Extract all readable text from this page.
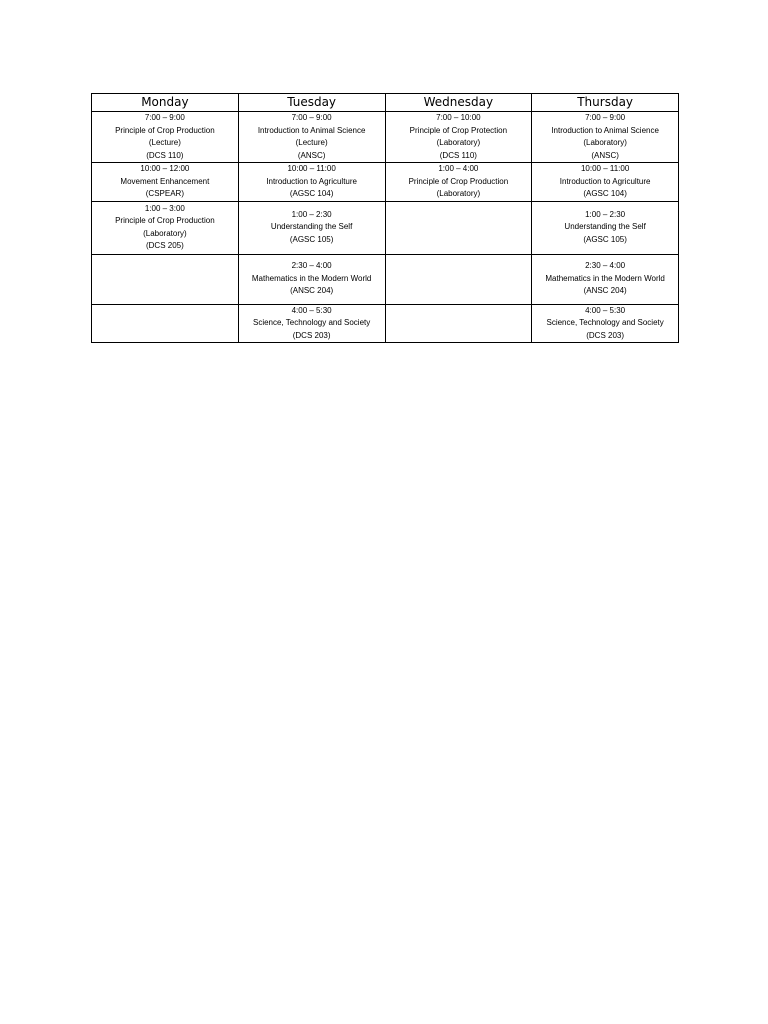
Monday	Tuesday	Wednesday	Thursday

7:00 – 9:00
Principle of Crop Production
(Lecture)
(DCS 110)	7:00 – 9:00
Introduction to Animal Science
(Lecture)
(ANSC)	7:00 – 10:00
Principle of Crop Protection
(Laboratory)
(DCS 110)	7:00 – 9:00
Introduction to Animal Science
(Laboratory)
(ANSC)

10:00 – 12:00
Movement Enhancement
(CSPEAR)	10:00 – 11:00
Introduction to Agriculture
(AGSC 104)	1:00 – 4:00
Principle of Crop Production
(Laboratory)	10:00 – 11:00
Introduction to Agriculture
(AGSC 104)

1:00 – 3:00
Principle of Crop Production
(Laboratory)
(DCS 205)	1:00 – 2:30
Understanding the Self
(AGSC 105)		1:00 – 2:30
Understanding the Self
(AGSC 105)

	2:30 – 4:00
Mathematics in the Modern World
(ANSC 204)		2:30 – 4:00
Mathematics in the Modern World
(ANSC 204)

	4:00 – 5:30
Science, Technology and Society
(DCS 203)		4:00 – 5:30
Science, Technology and Society
(DCS 203)
